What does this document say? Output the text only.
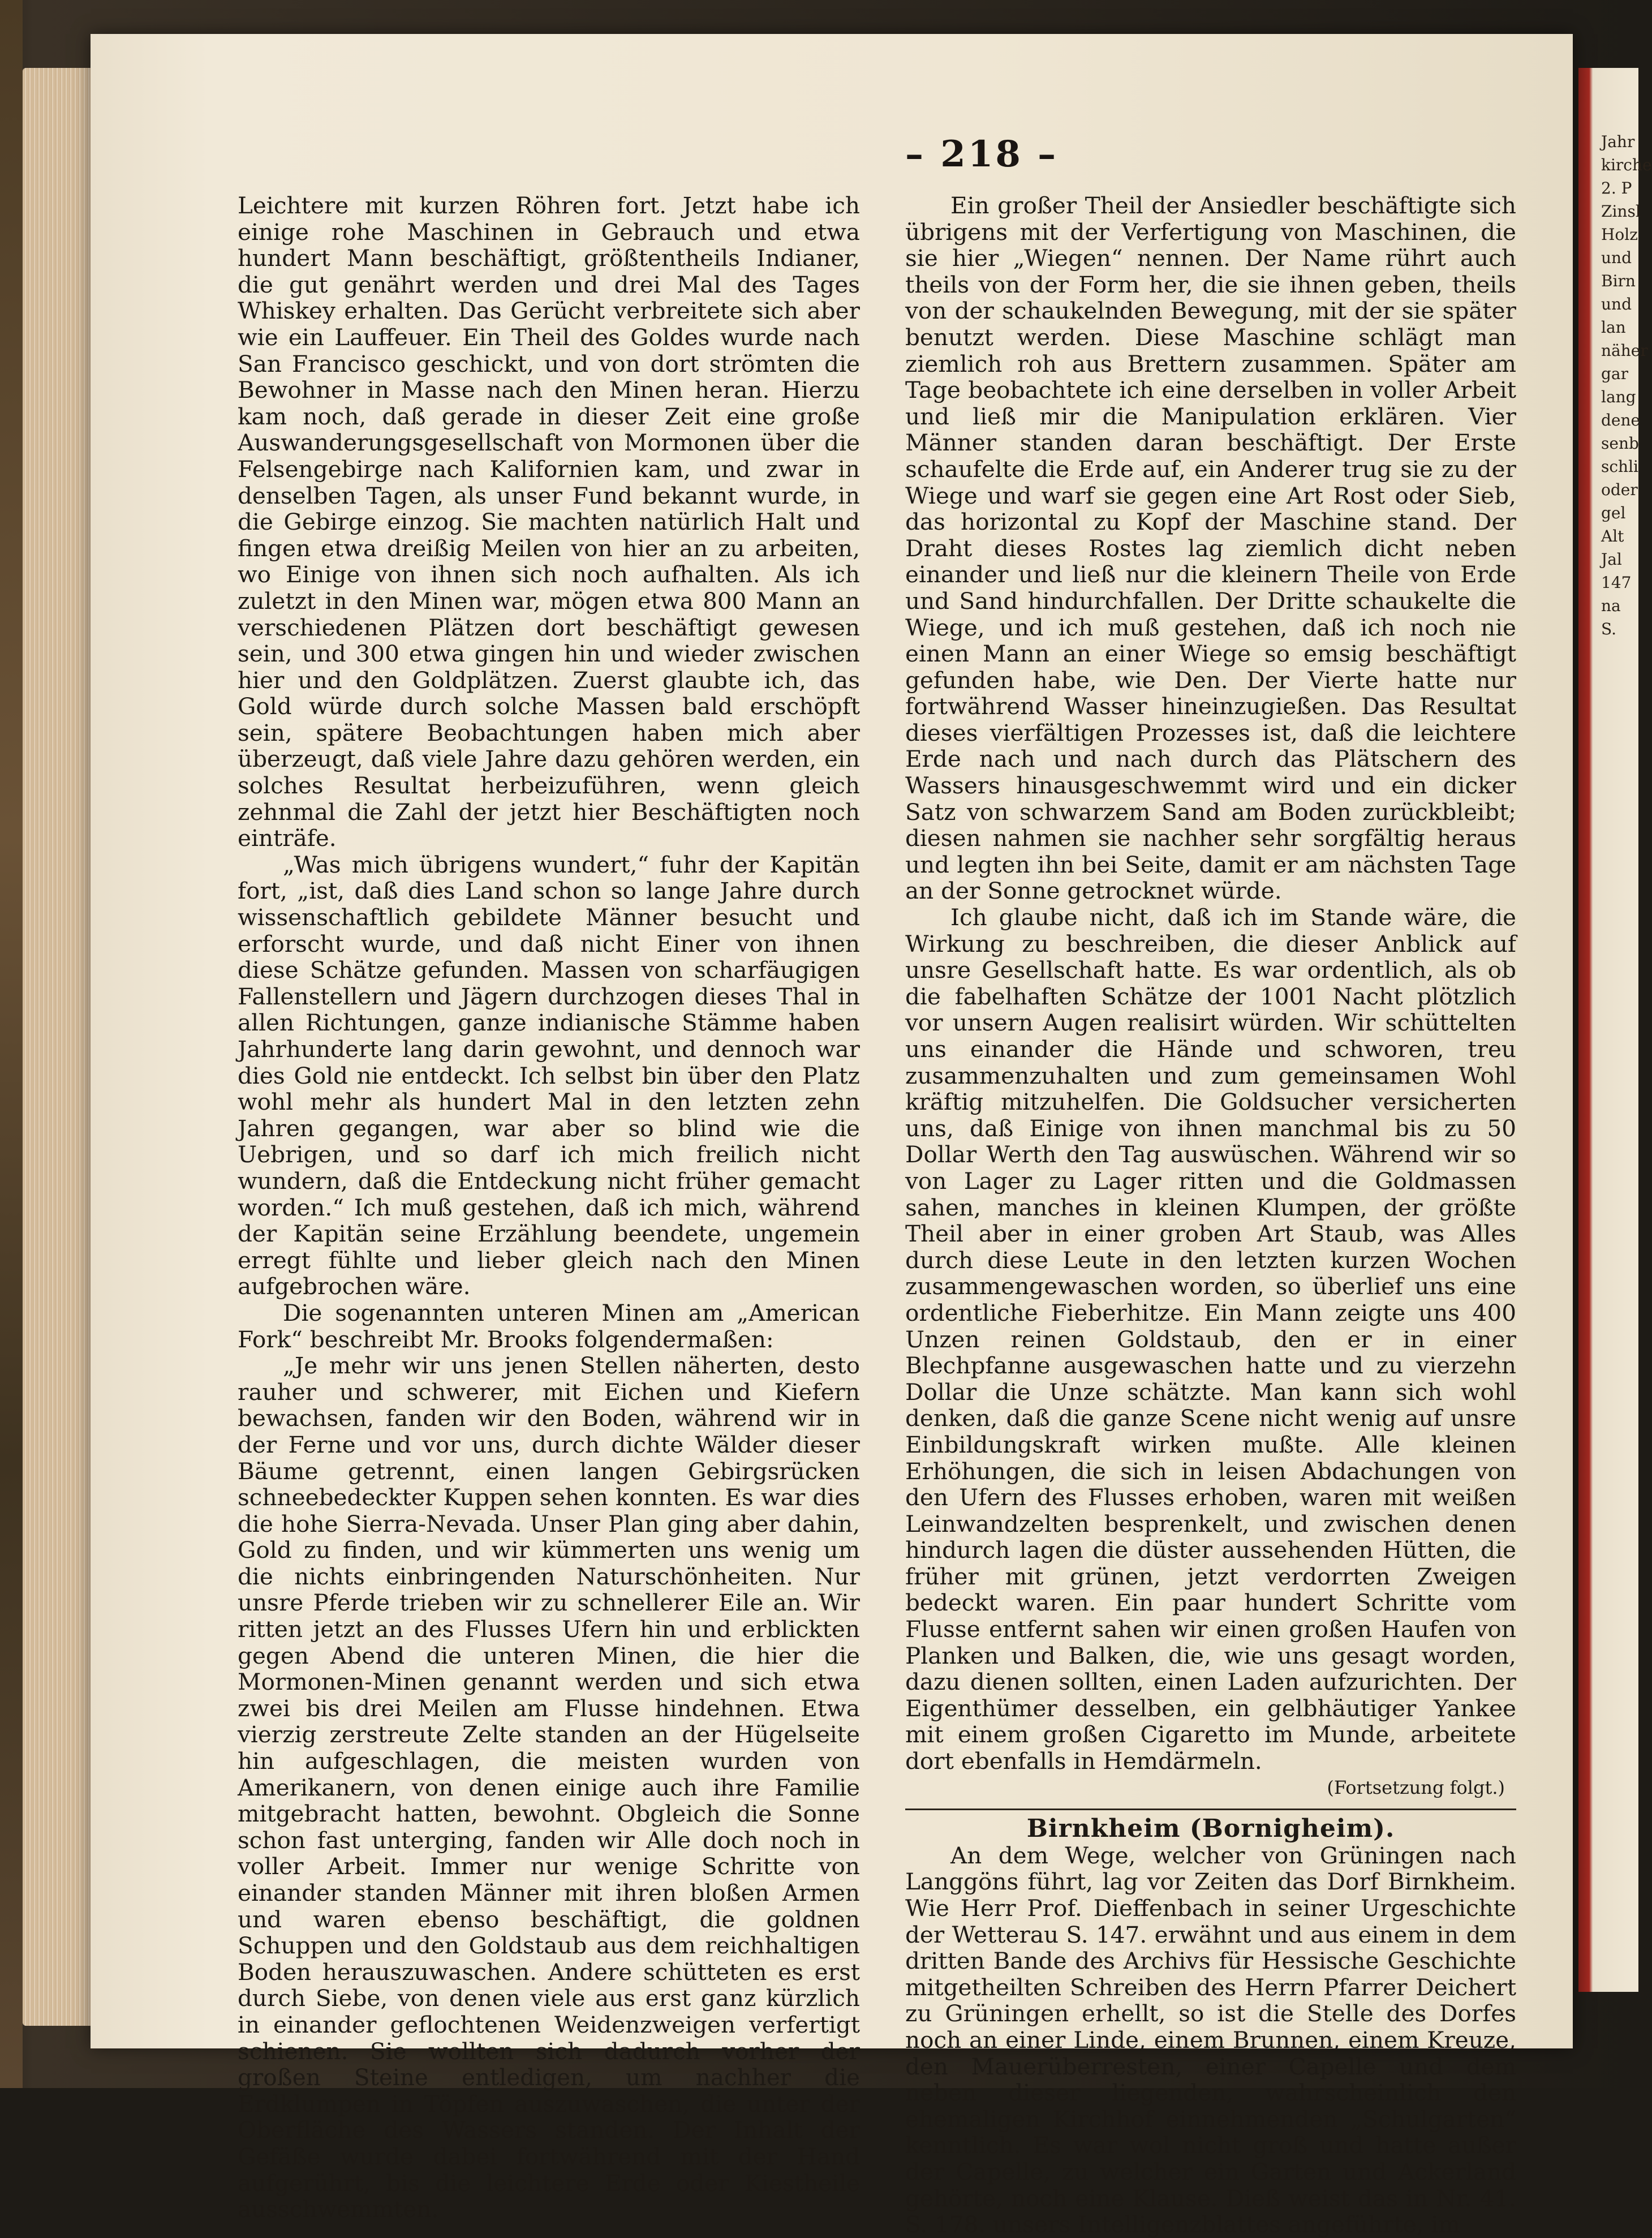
– 218 –

Leichtere mit kurzen Röhren fort. Jetzt habe ich einige rohe Maschinen in Gebrauch und etwa hundert Mann beschäftigt, größtentheils Indianer, die gut genährt werden und drei Mal des Tages Whiskey erhalten. Das Gerücht verbreitete sich aber wie ein Lauffeuer. Ein Theil des Goldes wurde nach San Francisco geschickt, und von dort strömten die Bewohner in Masse nach den Minen heran. Hierzu kam noch, daß gerade in dieser Zeit eine große Auswanderungsgesellschaft von Mormonen über die Felsengebirge nach Kalifornien kam, und zwar in denselben Tagen, als unser Fund bekannt wurde, in die Gebirge einzog. Sie machten natürlich Halt und fingen etwa dreißig Meilen von hier an zu arbeiten, wo Einige von ihnen sich noch aufhalten. Als ich zuletzt in den Minen war, mögen etwa 800 Mann an verschiedenen Plätzen dort beschäftigt gewesen sein, und 300 etwa gingen hin und wieder zwischen hier und den Goldplätzen. Zuerst glaubte ich, das Gold würde durch solche Massen bald erschöpft sein, spätere Beobachtungen haben mich aber überzeugt, daß viele Jahre dazu gehören werden, ein solches Resultat herbeizuführen, wenn gleich zehnmal die Zahl der jetzt hier Beschäftigten noch einträfe.

„Was mich übrigens wundert,“ fuhr der Kapitän fort, „ist, daß dies Land schon so lange Jahre durch wissenschaftlich gebildete Männer besucht und erforscht wurde, und daß nicht Einer von ihnen diese Schätze gefunden. Massen von scharfäugigen Fallenstellern und Jägern durchzogen dieses Thal in allen Richtungen, ganze indianische Stämme haben Jahrhunderte lang darin gewohnt, und dennoch war dies Gold nie entdeckt. Ich selbst bin über den Platz wohl mehr als hundert Mal in den letzten zehn Jahren gegangen, war aber so blind wie die Uebrigen, und so darf ich mich freilich nicht wundern, daß die Entdeckung nicht früher gemacht worden.“ Ich muß gestehen, daß ich mich, während der Kapitän seine Erzählung beendete, ungemein erregt fühlte und lieber gleich nach den Minen aufgebrochen wäre.

Die sogenannten unteren Minen am „American Fork“ beschreibt Mr. Brooks folgendermaßen:

„Je mehr wir uns jenen Stellen näherten, desto rauher und schwerer, mit Eichen und Kiefern bewachsen, fanden wir den Boden, während wir in der Ferne und vor uns, durch dichte Wälder dieser Bäume getrennt, einen langen Gebirgsrücken schneebedeckter Kuppen sehen konnten. Es war dies die hohe Sierra-Nevada. Unser Plan ging aber dahin, Gold zu finden, und wir kümmerten uns wenig um die nichts einbringenden Naturschönheiten. Nur unsre Pferde trieben wir zu schnellerer Eile an. Wir ritten jetzt an des Flusses Ufern hin und erblickten gegen Abend die unteren Minen, die hier die Mormonen-Minen genannt werden und sich etwa zwei bis drei Meilen am Flusse hindehnen. Etwa vierzig zerstreute Zelte standen an der Hügelseite hin aufgeschlagen, die meisten wurden von Amerikanern, von denen einige auch ihre Familie mitgebracht hatten, bewohnt. Obgleich die Sonne schon fast unterging, fanden wir Alle doch noch in voller Arbeit. Immer nur wenige Schritte von einander standen Männer mit ihren bloßen Armen und waren ebenso beschäftigt, die goldnen Schuppen und den Goldstaub aus dem reichhaltigen Boden herauszuwaschen. Andere schütteten es erst durch Siebe, von denen viele aus erst ganz kürzlich in einander geflochtenen Weidenzweigen verfertigt schienen. Sie wollten sich dadurch vorher der großen Steine entledigen, um nachher die Erdklumpen in Töpfen auszuwaschen, die unter der Oberfläche des Wassers standen. Der Inhalt der Gefäße wurde dabei fortwährend mit der Hand aufgerührt, bis die leichtere Erde oder Kiestheile ausschwemmten.

Ein großer Theil der Ansiedler beschäftigte sich übrigens mit der Verfertigung von Maschinen, die sie hier „Wiegen“ nennen. Der Name rührt auch theils von der Form her, die sie ihnen geben, theils von der schaukelnden Bewegung, mit der sie später benutzt werden. Diese Maschine schlägt man ziemlich roh aus Brettern zusammen. Später am Tage beobachtete ich eine derselben in voller Arbeit und ließ mir die Manipulation erklären. Vier Männer standen daran beschäftigt. Der Erste schaufelte die Erde auf, ein Anderer trug sie zu der Wiege und warf sie gegen eine Art Rost oder Sieb, das horizontal zu Kopf der Maschine stand. Der Draht dieses Rostes lag ziemlich dicht neben einander und ließ nur die kleinern Theile von Erde und Sand hindurchfallen. Der Dritte schaukelte die Wiege, und ich muß gestehen, daß ich noch nie einen Mann an einer Wiege so emsig beschäftigt gefunden habe, wie Den. Der Vierte hatte nur fortwährend Wasser hineinzugießen. Das Resultat dieses vierfältigen Prozesses ist, daß die leichtere Erde nach und nach durch das Plätschern des Wassers hinausgeschwemmt wird und ein dicker Satz von schwarzem Sand am Boden zurückbleibt; diesen nahmen sie nachher sehr sorgfältig heraus und legten ihn bei Seite, damit er am nächsten Tage an der Sonne getrocknet würde.

Ich glaube nicht, daß ich im Stande wäre, die Wirkung zu beschreiben, die dieser Anblick auf unsre Gesellschaft hatte. Es war ordentlich, als ob die fabelhaften Schätze der 1001 Nacht plötzlich vor unsern Augen realisirt würden. Wir schüttelten uns einander die Hände und schworen, treu zusammenzuhalten und zum gemeinsamen Wohl kräftig mitzuhelfen. Die Goldsucher versicherten uns, daß Einige von ihnen manchmal bis zu 50 Dollar Werth den Tag auswüschen. Während wir so von Lager zu Lager ritten und die Goldmassen sahen, manches in kleinen Klumpen, der größte Theil aber in einer groben Art Staub, was Alles durch diese Leute in den letzten kurzen Wochen zusammengewaschen worden, so überlief uns eine ordentliche Fieberhitze. Ein Mann zeigte uns 400 Unzen reinen Goldstaub, den er in einer Blechpfanne ausgewaschen hatte und zu vierzehn Dollar die Unze schätzte. Man kann sich wohl denken, daß die ganze Scene nicht wenig auf unsre Einbildungskraft wirken mußte. Alle kleinen Erhöhungen, die sich in leisen Abdachungen von den Ufern des Flusses erhoben, waren mit weißen Leinwandzelten besprenkelt, und zwischen denen hindurch lagen die düster aussehenden Hütten, die früher mit grünen, jetzt verdorrten Zweigen bedeckt waren. Ein paar hundert Schritte vom Flusse entfernt sahen wir einen großen Haufen von Planken und Balken, die, wie uns gesagt worden, dazu dienen sollten, einen Laden aufzurichten. Der Eigenthümer desselben, ein gelbhäutiger Yankee mit einem großen Cigaretto im Munde, arbeitete dort ebenfalls in Hemdärmeln.

(Fortsetzung folgt.)

Birnkheim (Bornigheim).

An dem Wege, welcher von Grüningen nach Langgöns führt, lag vor Zeiten das Dorf Birnkheim. Wie Herr Prof. Dieffenbach in seiner Urgeschichte der Wetterau S. 147. erwähnt und aus einem in dem dritten Bande des Archivs für Hessische Geschichte mitgetheilten Schreiben des Herrn Pfarrer Deichert zu Grüningen erhellt, so ist die Stelle des Dorfes noch an einer Linde, einem Brunnen, einem Kreuze, den Mauerüberresten, einer Capelle und dem neben dieser liegenden, wahrscheinlich den ehemaligen Kirchhof einnehmenden „Schulgarten“ kenntlich. Es war wol nicht groß und hatte außer der Capelle, zu welcher ein Garten und Ackerland gehörte, noch eine Klause. Dieß weist das in Nr. 41. S. 178. unsers Intelligenzblattes angeführte, im

Jahr
kirche
2. P
Zinsl
Holz
und
Birn
und
lan
näher
gar
lang
dene
senb
schli
oder
gel
Alt
Jal
147
na
S.
